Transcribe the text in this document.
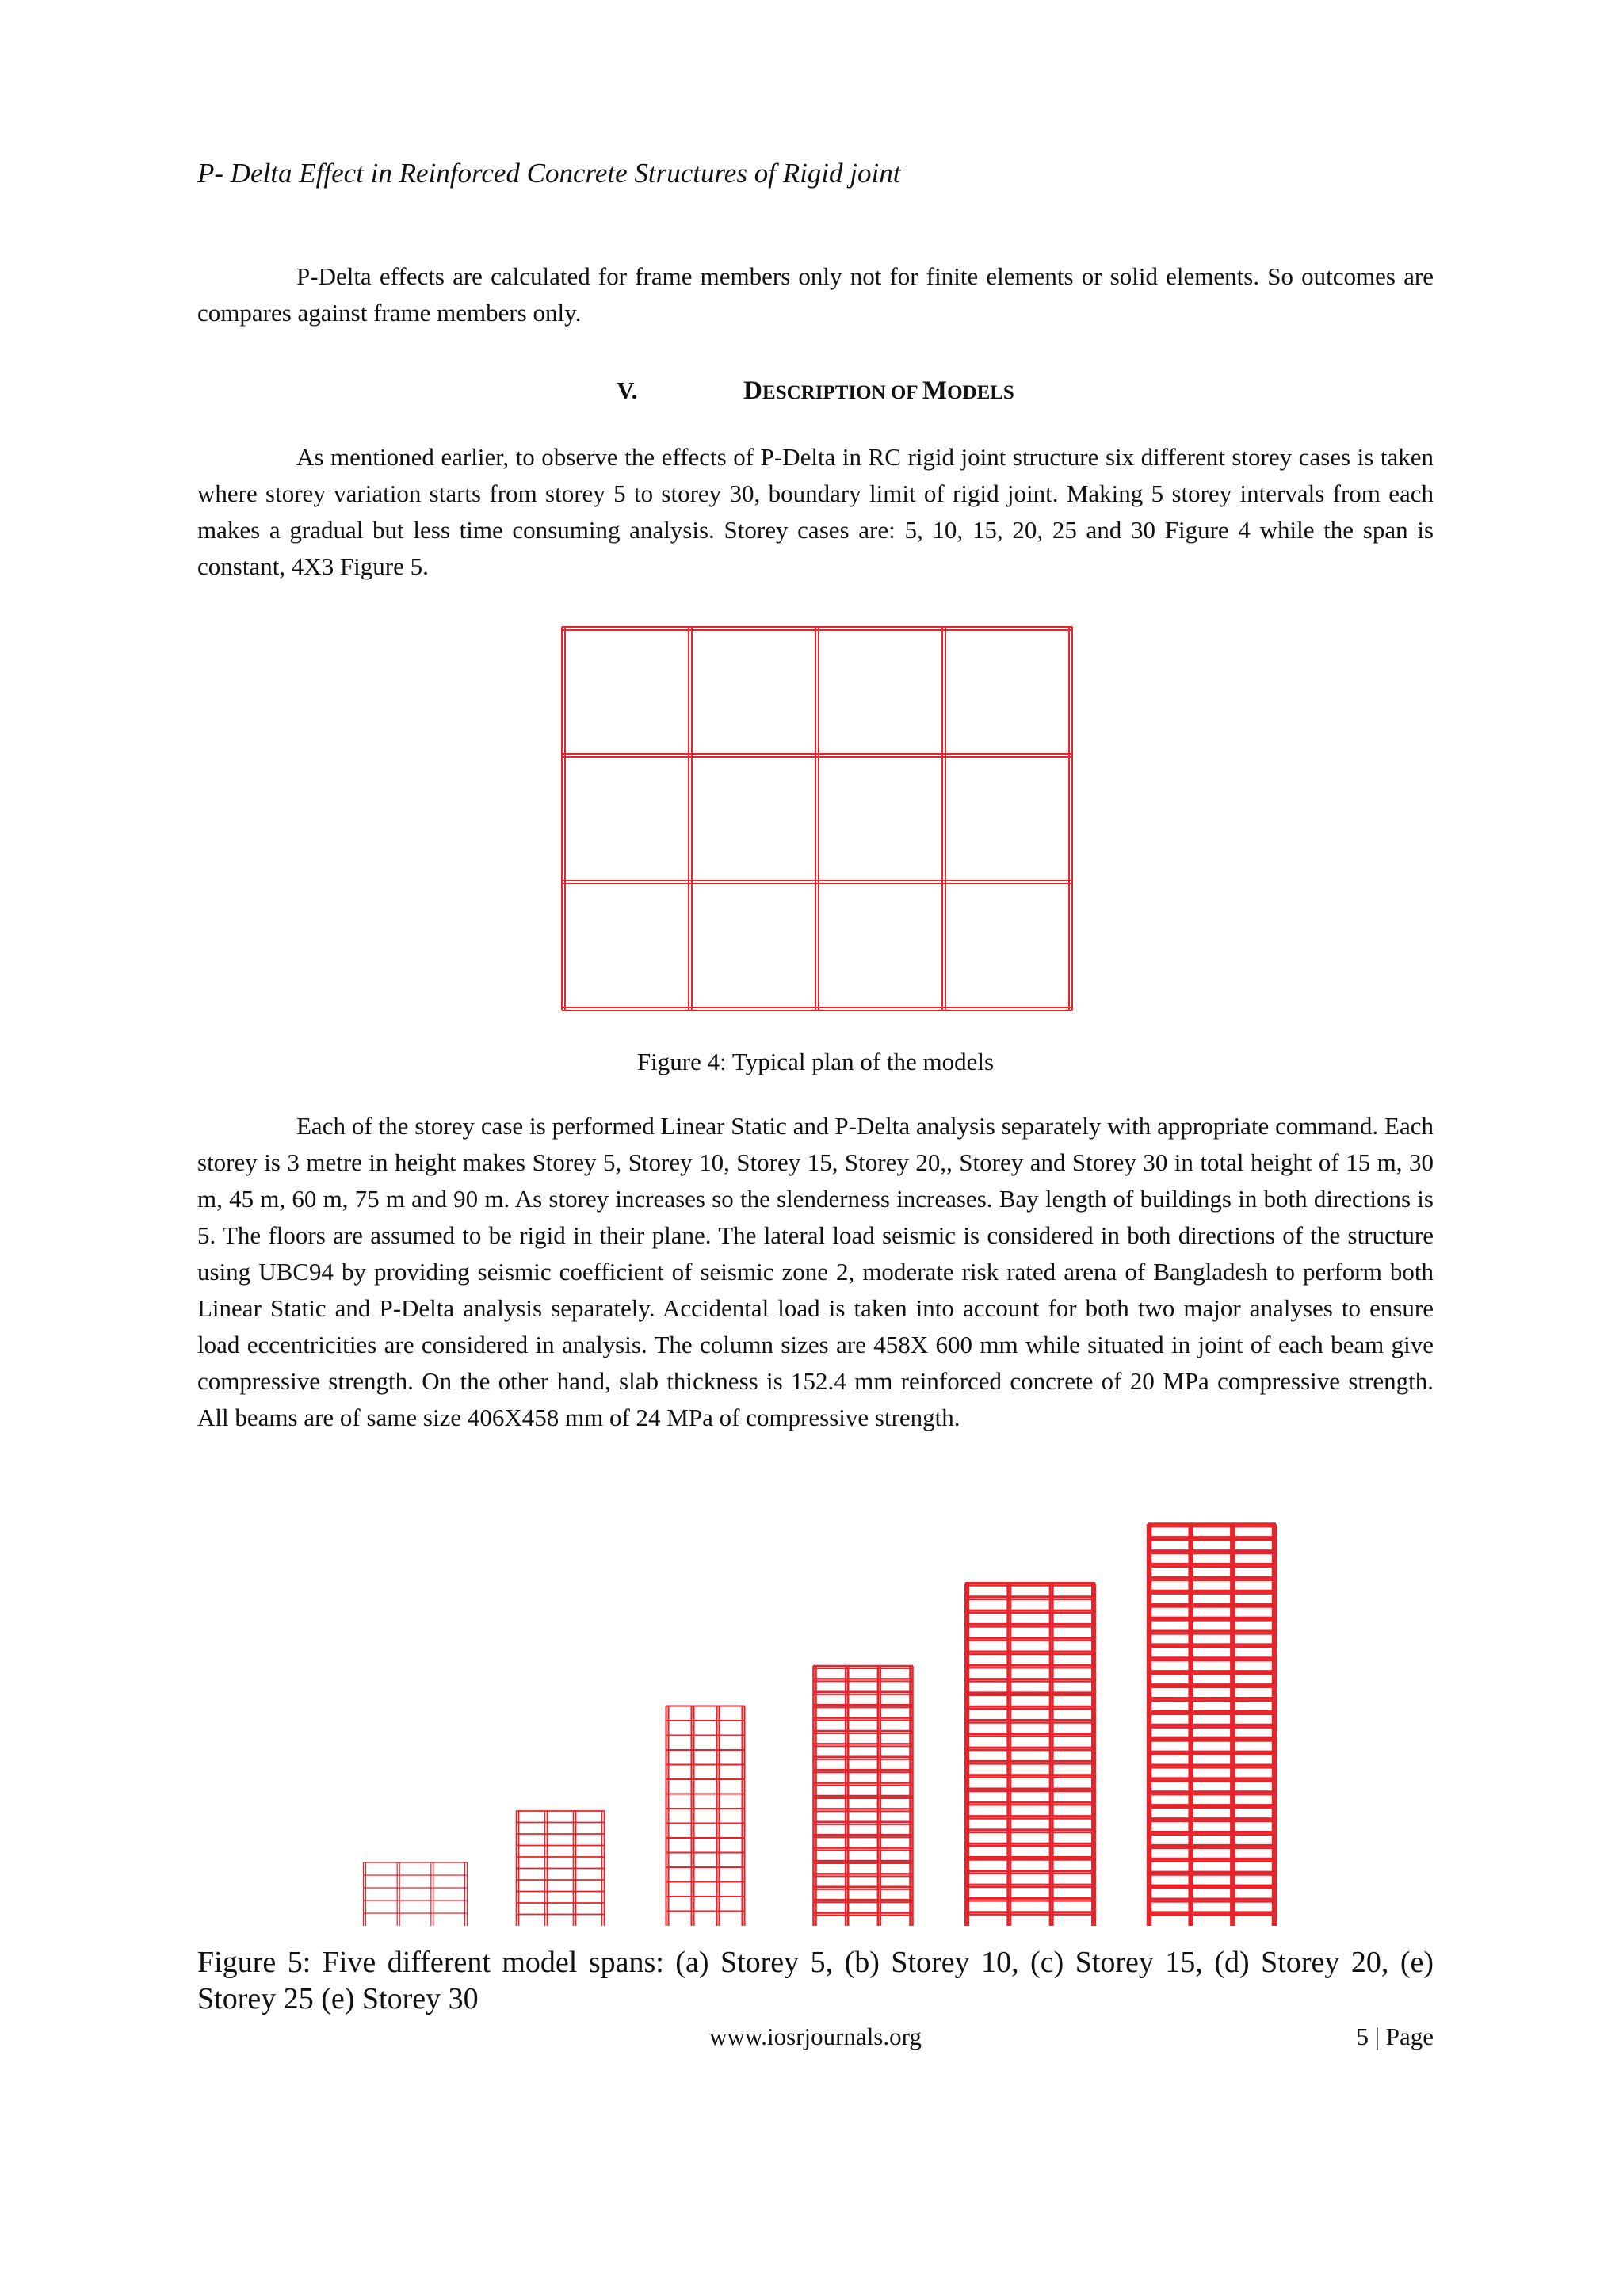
P- Delta Effect in Reinforced Concrete Structures of Rigid joint

P-Delta effects are calculated for frame members only not for finite elements or solid elements. So outcomes are compares against frame members only.

V.	DESCRIPTION OF MODELS

As mentioned earlier, to observe the effects of P-Delta in RC rigid joint structure six different storey cases is taken where storey variation starts from storey 5 to storey 30, boundary limit of rigid joint. Making 5 storey intervals from each makes a gradual but less time consuming analysis. Storey cases are: 5, 10, 15, 20, 25 and 30 Figure 4 while the span is constant, 4X3 Figure 5.

Figure 4: Typical plan of the models

Each of the storey case is performed Linear Static and P-Delta analysis separately with appropriate command. Each storey is 3 metre in height makes Storey 5, Storey 10, Storey 15, Storey 20,, Storey and Storey 30 in total height of 15 m, 30 m, 45 m, 60 m, 75 m and 90 m. As storey increases so the slenderness increases. Bay length of buildings in both directions is 5. The floors are assumed to be rigid in their plane. The lateral load seismic is considered in both directions of the structure using UBC94 by providing seismic coefficient of seismic zone 2, moderate risk rated arena of Bangladesh to perform both Linear Static and P-Delta analysis separately. Accidental load is taken into account for both two major analyses to ensure load eccentricities are considered in analysis. The column sizes are 458X 600 mm while situated in joint of each beam give compressive strength. On the other hand, slab thickness is 152.4 mm reinforced concrete of 20 MPa compressive strength. All beams are of same size 406X458 mm of 24 MPa of compressive strength.

Figure 5: Five different model spans: (a) Storey 5, (b) Storey 10, (c) Storey 15, (d) Storey 20, (e) Storey 25 (e) Storey 30

www.iosrjournals.org	5 | Page
